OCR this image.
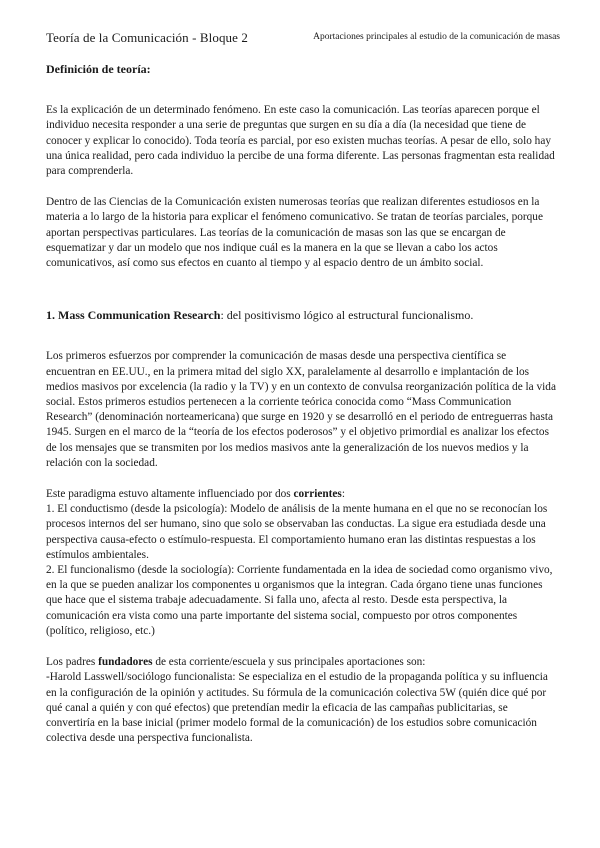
Teoría de la Comunicación - Bloque 2	Aportaciones principales al estudio de la comunicación de masas

Definición de teoría:

Es la explicación de un determinado fenómeno. En este caso la comunicación. Las teorías aparecen porque el individuo necesita responder a una serie de preguntas que surgen en su día a día (la necesidad que tiene de conocer y explicar lo conocido). Toda teoría es parcial, por eso existen muchas teorías. A pesar de ello, solo hay una única realidad, pero cada individuo la percibe de una forma diferente. Las personas fragmentan esta realidad para comprenderla.

Dentro de las Ciencias de la Comunicación existen numerosas teorías que realizan diferentes estudiosos en la materia a lo largo de la historia para explicar el fenómeno comunicativo. Se tratan de teorías parciales, porque aportan perspectivas particulares. Las teorías de la comunicación de masas son las que se encargan de esquematizar y dar un modelo que nos indique cuál es la manera en la que se llevan a cabo los actos comunicativos, así como sus efectos en cuanto al tiempo y al espacio dentro de un ámbito social.

1. Mass Communication Research: del positivismo lógico al estructural funcionalismo.

Los primeros esfuerzos por comprender la comunicación de masas desde una perspectiva científica se encuentran en EE.UU., en la primera mitad del siglo XX, paralelamente al desarrollo e implantación de los medios masivos por excelencia (la radio y la TV) y en un contexto de convulsa reorganización política de la vida social. Estos primeros estudios pertenecen a la corriente teórica conocida como “Mass Communication Research” (denominación norteamericana) que surge en 1920 y se desarrolló en el periodo de entreguerras hasta 1945. Surgen en el marco de la “teoría de los efectos poderosos” y el objetivo primordial es analizar los efectos de los mensajes que se transmiten por los medios masivos ante la generalización de los nuevos medios y la relación con la sociedad.

Este paradigma estuvo altamente influenciado por dos corrientes:

1. El conductismo (desde la psicología): Modelo de análisis de la mente humana en el que no se reconocían los procesos internos del ser humano, sino que solo se observaban las conductas. La sigue era estudiada desde una perspectiva causa-efecto o estímulo-respuesta. El comportamiento humano eran las distintas respuestas a los estímulos ambientales.

2. El funcionalismo (desde la sociología): Corriente fundamentada en la idea de sociedad como organismo vivo, en la que se pueden analizar los componentes u organismos que la integran. Cada órgano tiene unas funciones que hace que el sistema trabaje adecuadamente. Si falla uno, afecta al resto. Desde esta perspectiva, la comunicación era vista como una parte importante del sistema social, compuesto por otros componentes (político, religioso, etc.)

Los padres fundadores de esta corriente/escuela y sus principales aportaciones son:

-Harold Lasswell/sociólogo funcionalista: Se especializa en el estudio de la propaganda política y su influencia en la configuración de la opinión y actitudes. Su fórmula de la comunicación colectiva 5W (quién dice qué por qué canal a quién y con qué efectos) que pretendían medir la eficacia de las campañas publicitarias, se convertiría en la base inicial (primer modelo formal de la comunicación) de los estudios sobre comunicación colectiva desde una perspectiva funcionalista.
